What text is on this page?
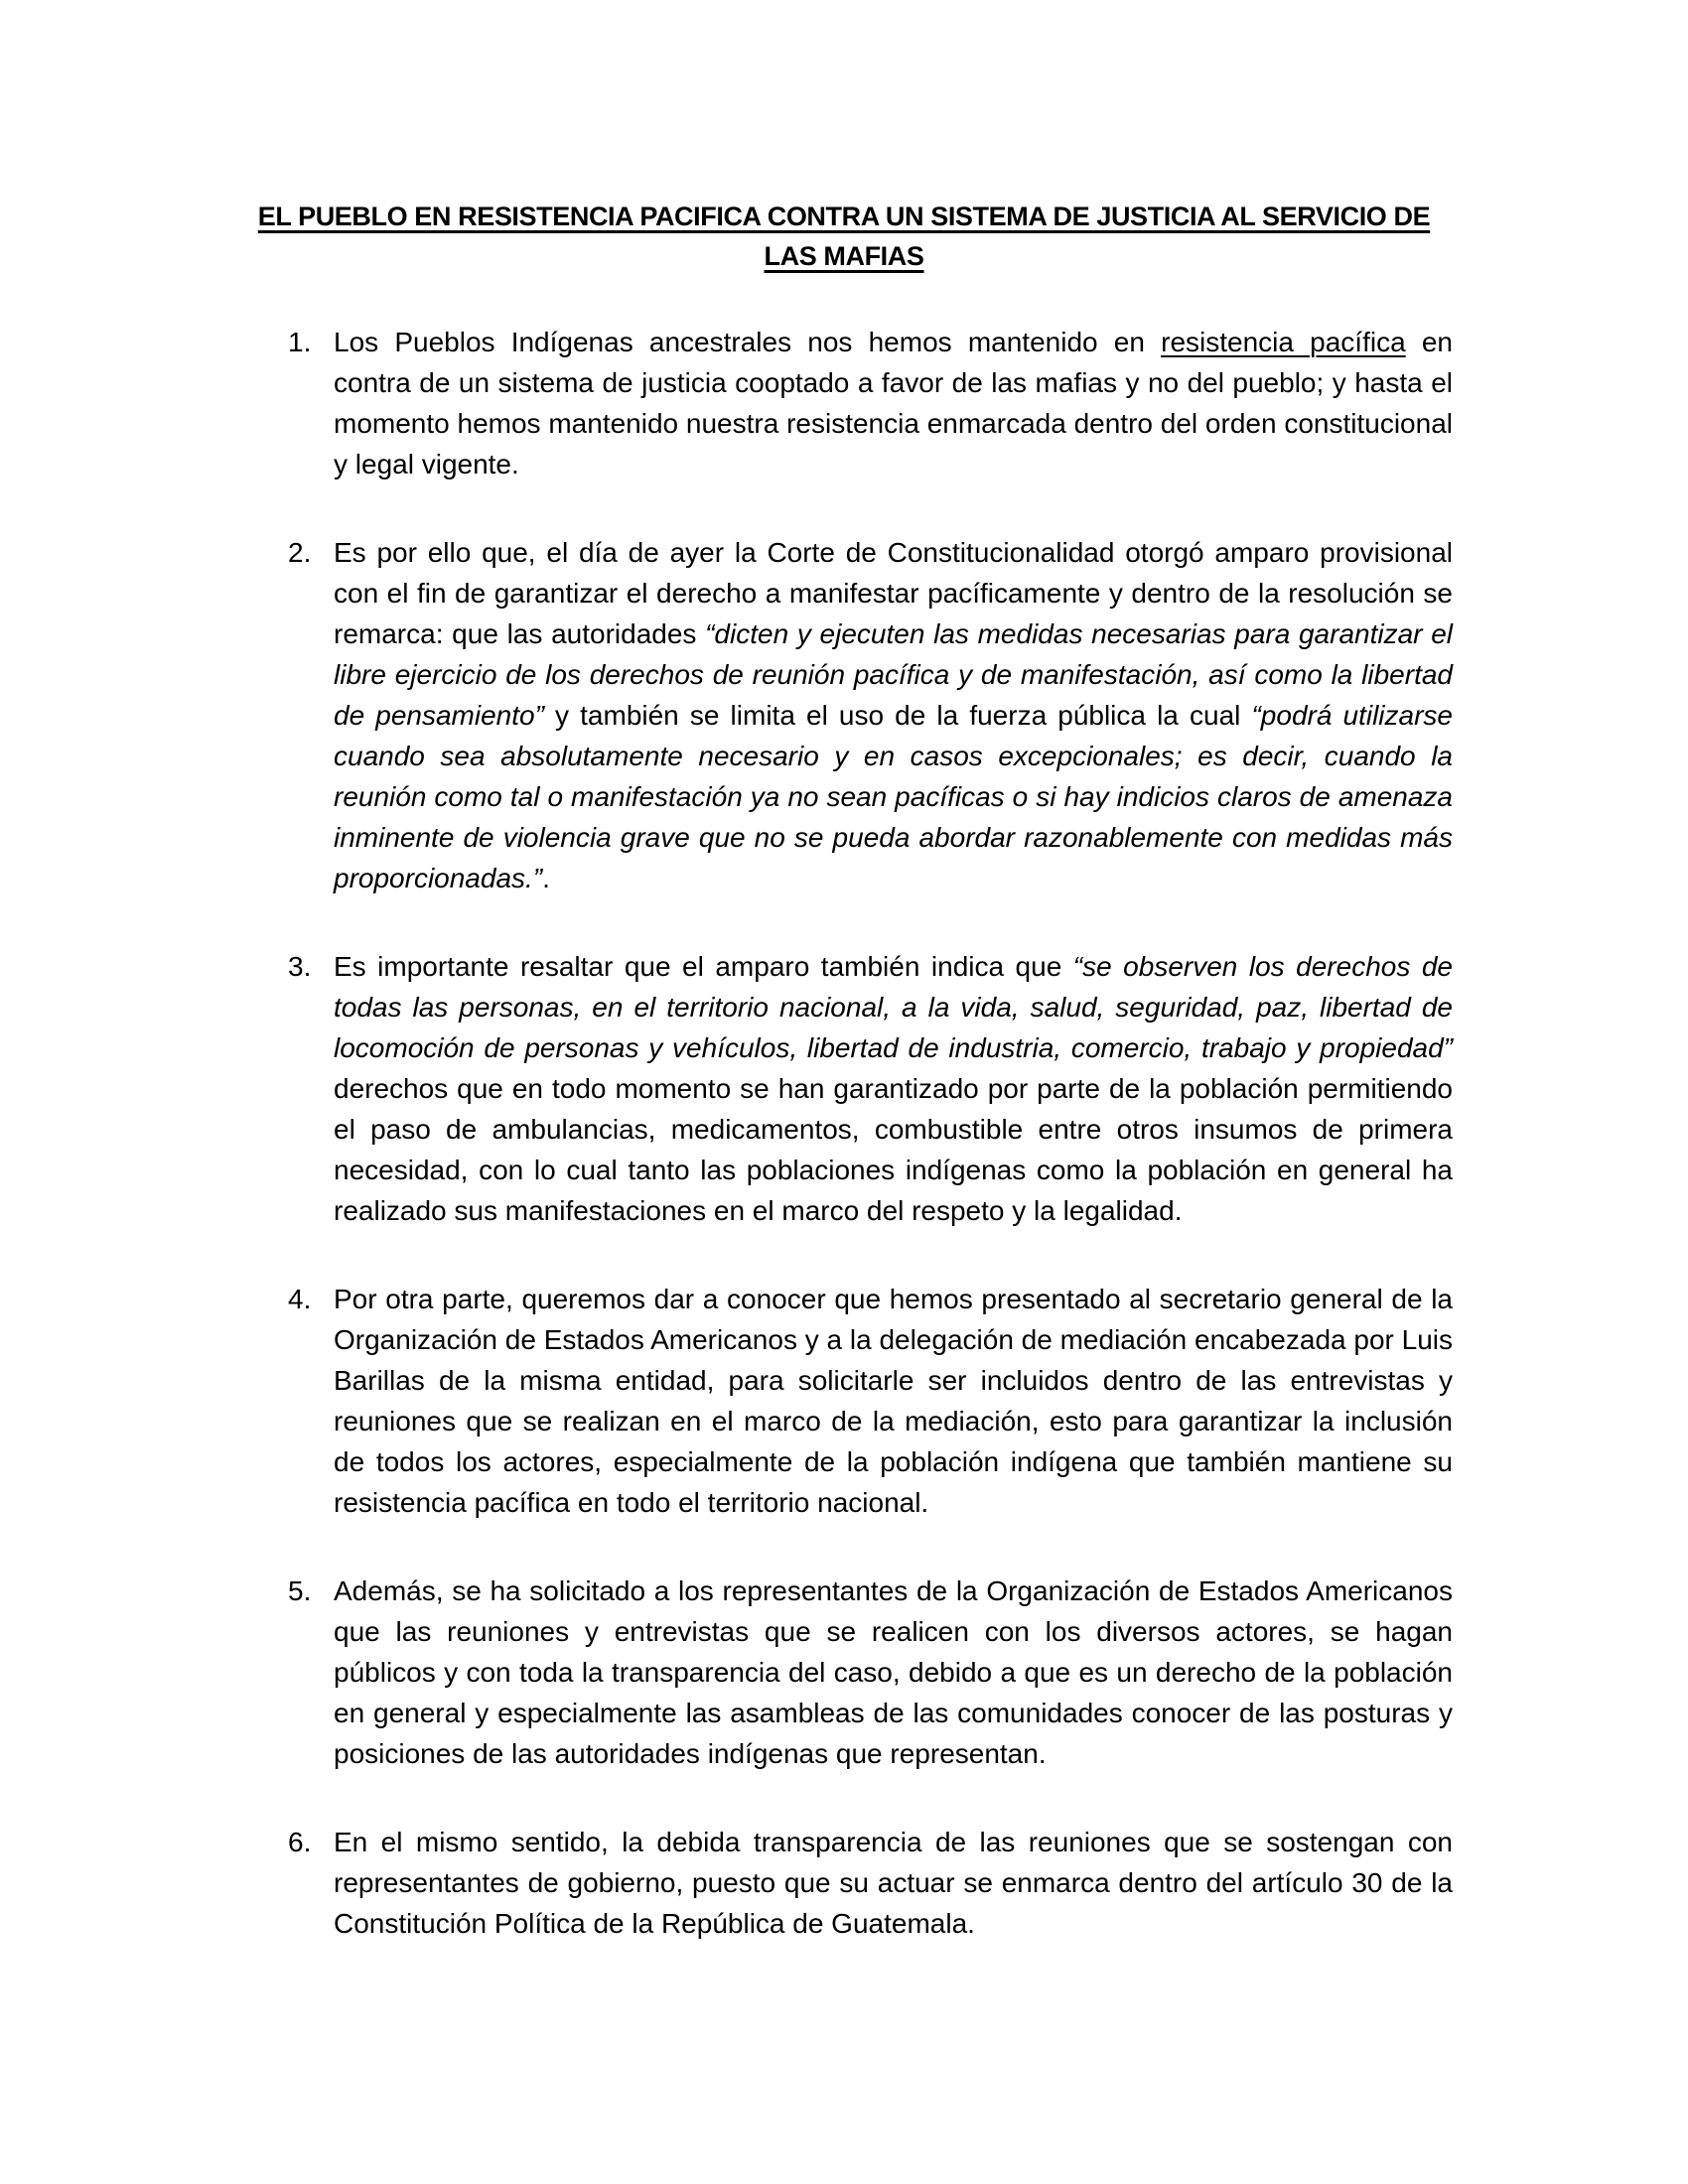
EL PUEBLO EN RESISTENCIA PACIFICA CONTRA UN SISTEMA DE JUSTICIA AL SERVICIO DE
LAS MAFIAS
1. Los Pueblos Indígenas ancestrales nos hemos mantenido en resistencia pacífica en contra de un sistema de justicia cooptado a favor de las mafias y no del pueblo; y hasta el momento hemos mantenido nuestra resistencia enmarcada dentro del orden constitucional y legal vigente.

2. Es por ello que, el día de ayer la Corte de Constitucionalidad otorgó amparo provisional con el fin de garantizar el derecho a manifestar pacíficamente y dentro de la resolución se remarca: que las autoridades “dicten y ejecuten las medidas necesarias para garantizar el libre ejercicio de los derechos de reunión pacífica y de manifestación, así como la libertad de pensamiento” y también se limita el uso de la fuerza pública la cual “podrá utilizarse cuando sea absolutamente necesario y en casos excepcionales; es decir, cuando la reunión como tal o manifestación ya no sean pacíficas o si hay indicios claros de amenaza inminente de violencia grave que no se pueda abordar razonablemente con medidas más proporcionadas.”.

3. Es importante resaltar que el amparo también indica que “se observen los derechos de todas las personas, en el territorio nacional, a la vida, salud, seguridad, paz, libertad de locomoción de personas y vehículos, libertad de industria, comercio, trabajo y propiedad” derechos que en todo momento se han garantizado por parte de la población permitiendo el paso de ambulancias, medicamentos, combustible entre otros insumos de primera necesidad, con lo cual tanto las poblaciones indígenas como la población en general ha realizado sus manifestaciones en el marco del respeto y la legalidad.

4. Por otra parte, queremos dar a conocer que hemos presentado al secretario general de la Organización de Estados Americanos y a la delegación de mediación encabezada por Luis Barillas de la misma entidad, para solicitarle ser incluidos dentro de las entrevistas y reuniones que se realizan en el marco de la mediación, esto para garantizar la inclusión de todos los actores, especialmente de la población indígena que también mantiene su resistencia pacífica en todo el territorio nacional.

5. Además, se ha solicitado a los representantes de la Organización de Estados Americanos que las reuniones y entrevistas que se realicen con los diversos actores, se hagan públicos y con toda la transparencia del caso, debido a que es un derecho de la población en general y especialmente las asambleas de las comunidades conocer de las posturas y posiciones de las autoridades indígenas que representan.

6. En el mismo sentido, la debida transparencia de las reuniones que se sostengan con representantes de gobierno, puesto que su actuar se enmarca dentro del artículo 30 de la Constitución Política de la República de Guatemala.
